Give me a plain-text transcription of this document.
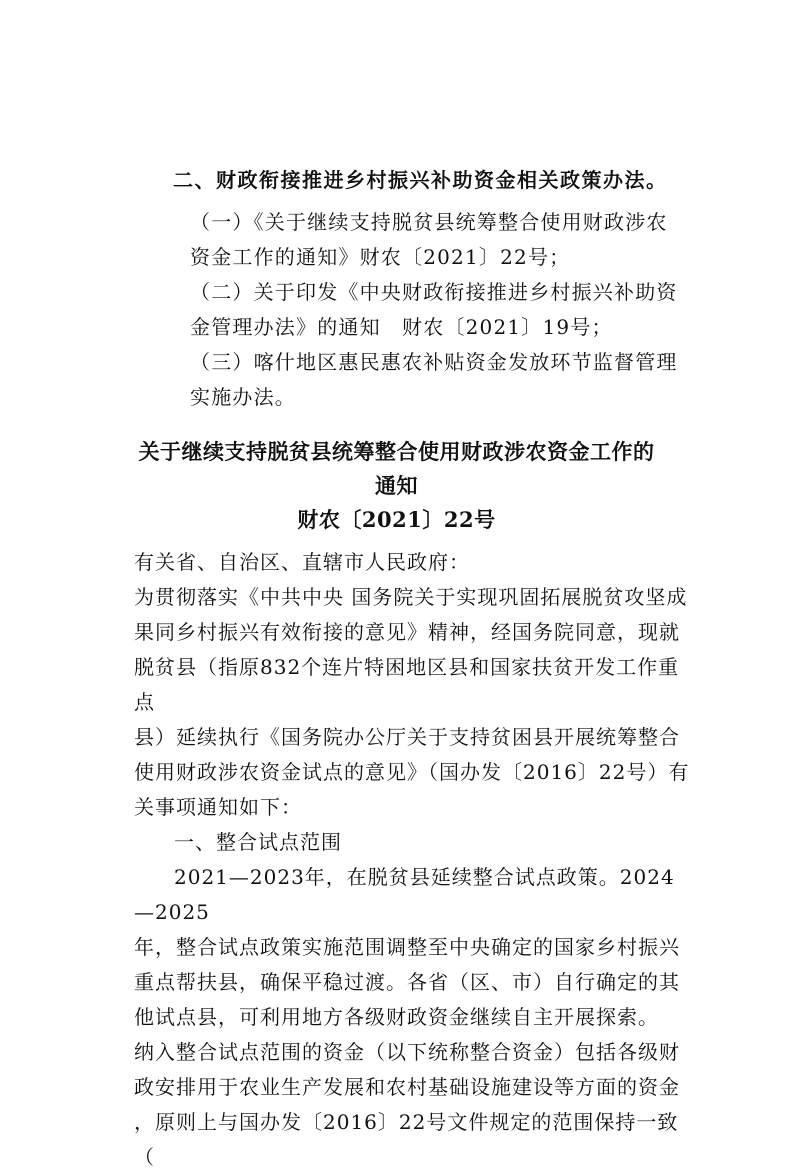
二、财政衔接推进乡村振兴补助资金相关政策办法。

（一）《关于继续支持脱贫县统筹整合使用财政涉农

资金工作的通知》财农〔2021〕22号；

（二）关于印发《中央财政衔接推进乡村振兴补助资

金管理办法》的通知　财农〔2021〕19号；

（三）喀什地区惠民惠农补贴资金发放环节监督管理

实施办法。

关于继续支持脱贫县统筹整合使用财政涉农资金工作的
通知
财农〔2021〕22号

有关省、自治区、直辖市人民政府：

为贯彻落实《中共中央 国务院关于实现巩固拓展脱贫攻坚成

果同乡村振兴有效衔接的意见》精神，经国务院同意，现就

脱贫县（指原832个连片特困地区县和国家扶贫开发工作重点

县）延续执行《国务院办公厅关于支持贫困县开展统筹整合

使用财政涉农资金试点的意见》（国办发〔2016〕22号）有

关事项通知如下：

一、整合试点范围

2021—2023年，在脱贫县延续整合试点政策。2024—2025

年，整合试点政策实施范围调整至中央确定的国家乡村振兴

重点帮扶县，确保平稳过渡。各省（区、市）自行确定的其

他试点县，可利用地方各级财政资金继续自主开展探索。

纳入整合试点范围的资金（以下统称整合资金）包括各级财

政安排用于农业生产发展和农村基础设施建设等方面的资金

，原则上与国办发〔2016〕22号文件规定的范围保持一致（
